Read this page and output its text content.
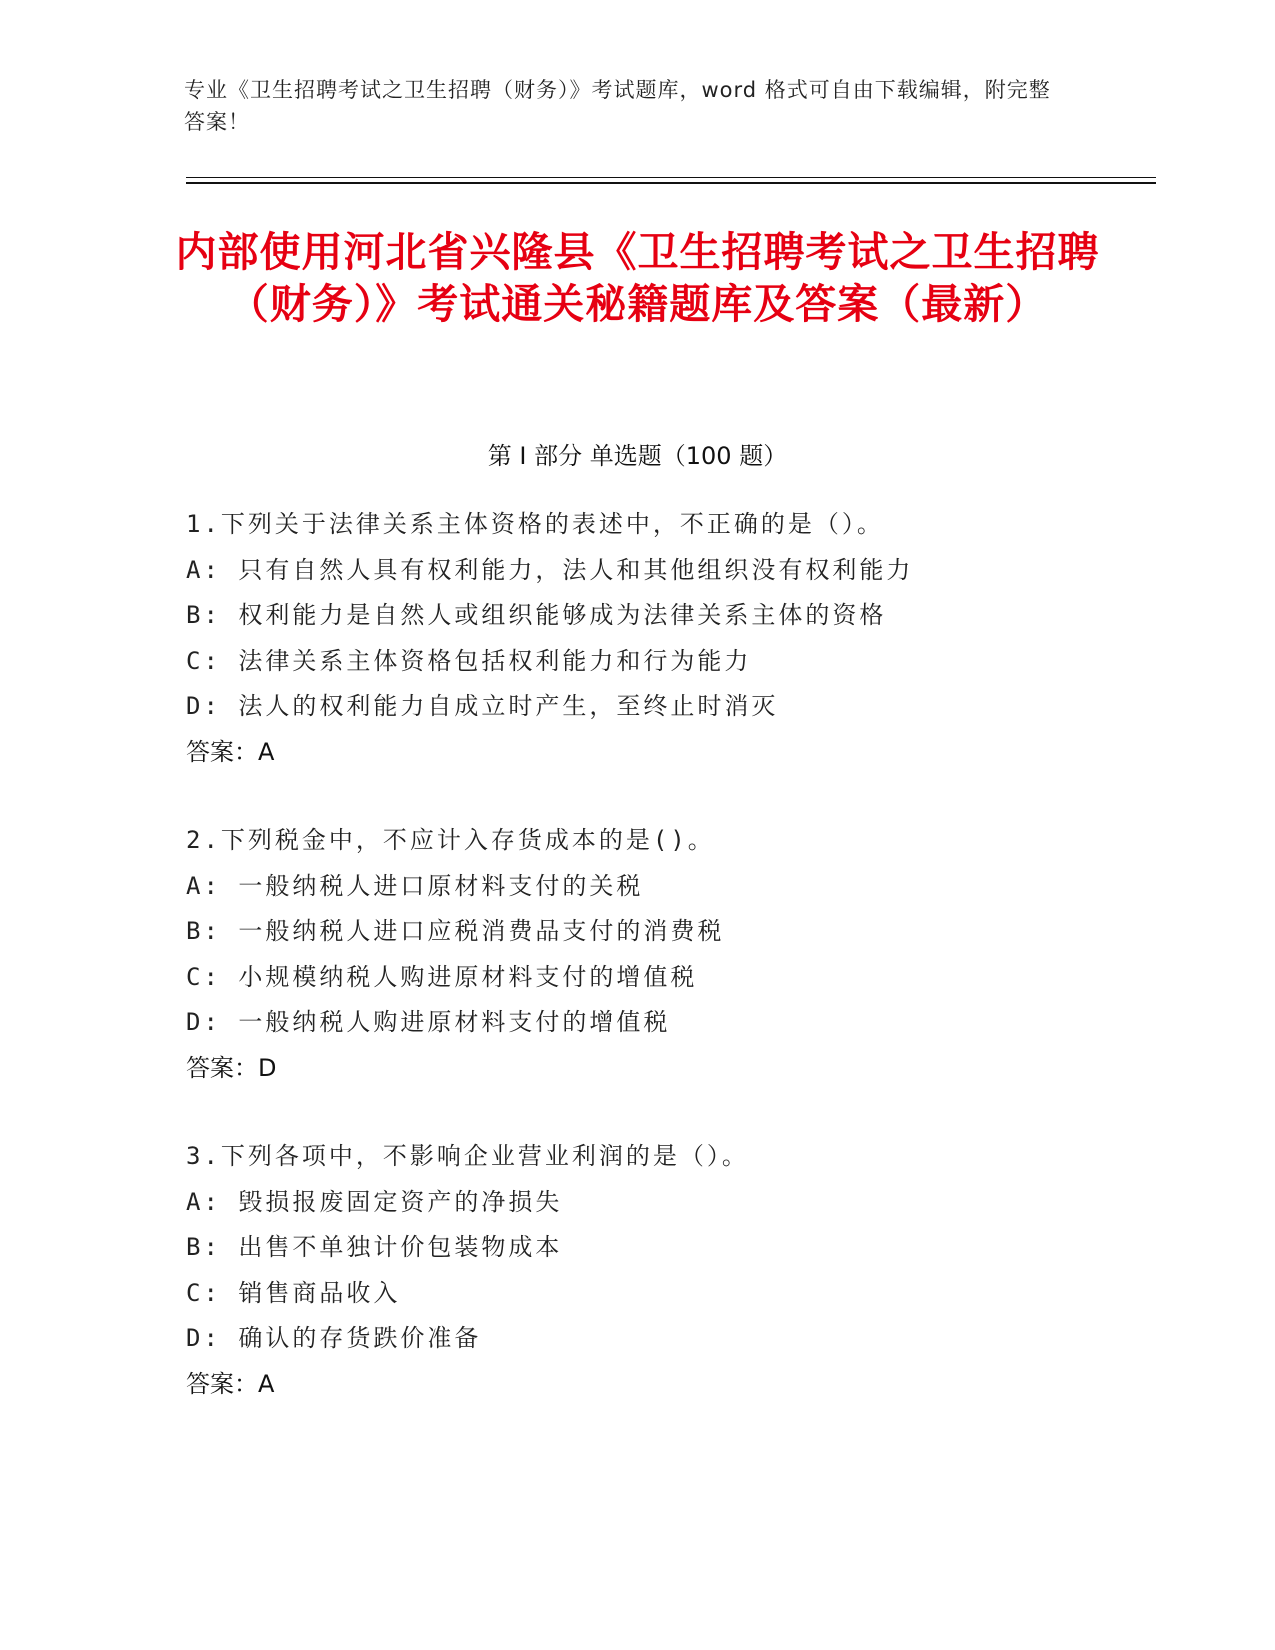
专业《卫生招聘考试之卫生招聘（财务）》考试题库，word 格式可自由下载编辑，附完整答案！
内部使用河北省兴隆县《卫生招聘考试之卫生招聘（财务）》考试通关秘籍题库及答案（最新）
第 I 部分 单选题（100 题）
1.下列关于法律关系主体资格的表述中，不正确的是（）。
A: 只有自然人具有权利能力，法人和其他组织没有权利能力
B: 权利能力是自然人或组织能够成为法律关系主体的资格
C: 法律关系主体资格包括权利能力和行为能力
D: 法人的权利能力自成立时产生，至终止时消灭
答案：A
2.下列税金中，不应计入存货成本的是()。
A: 一般纳税人进口原材料支付的关税
B: 一般纳税人进口应税消费品支付的消费税
C: 小规模纳税人购进原材料支付的增值税
D: 一般纳税人购进原材料支付的增值税
答案：D
3.下列各项中，不影响企业营业利润的是（）。
A: 毁损报废固定资产的净损失
B: 出售不单独计价包装物成本
C: 销售商品收入
D: 确认的存货跌价准备
答案：A
